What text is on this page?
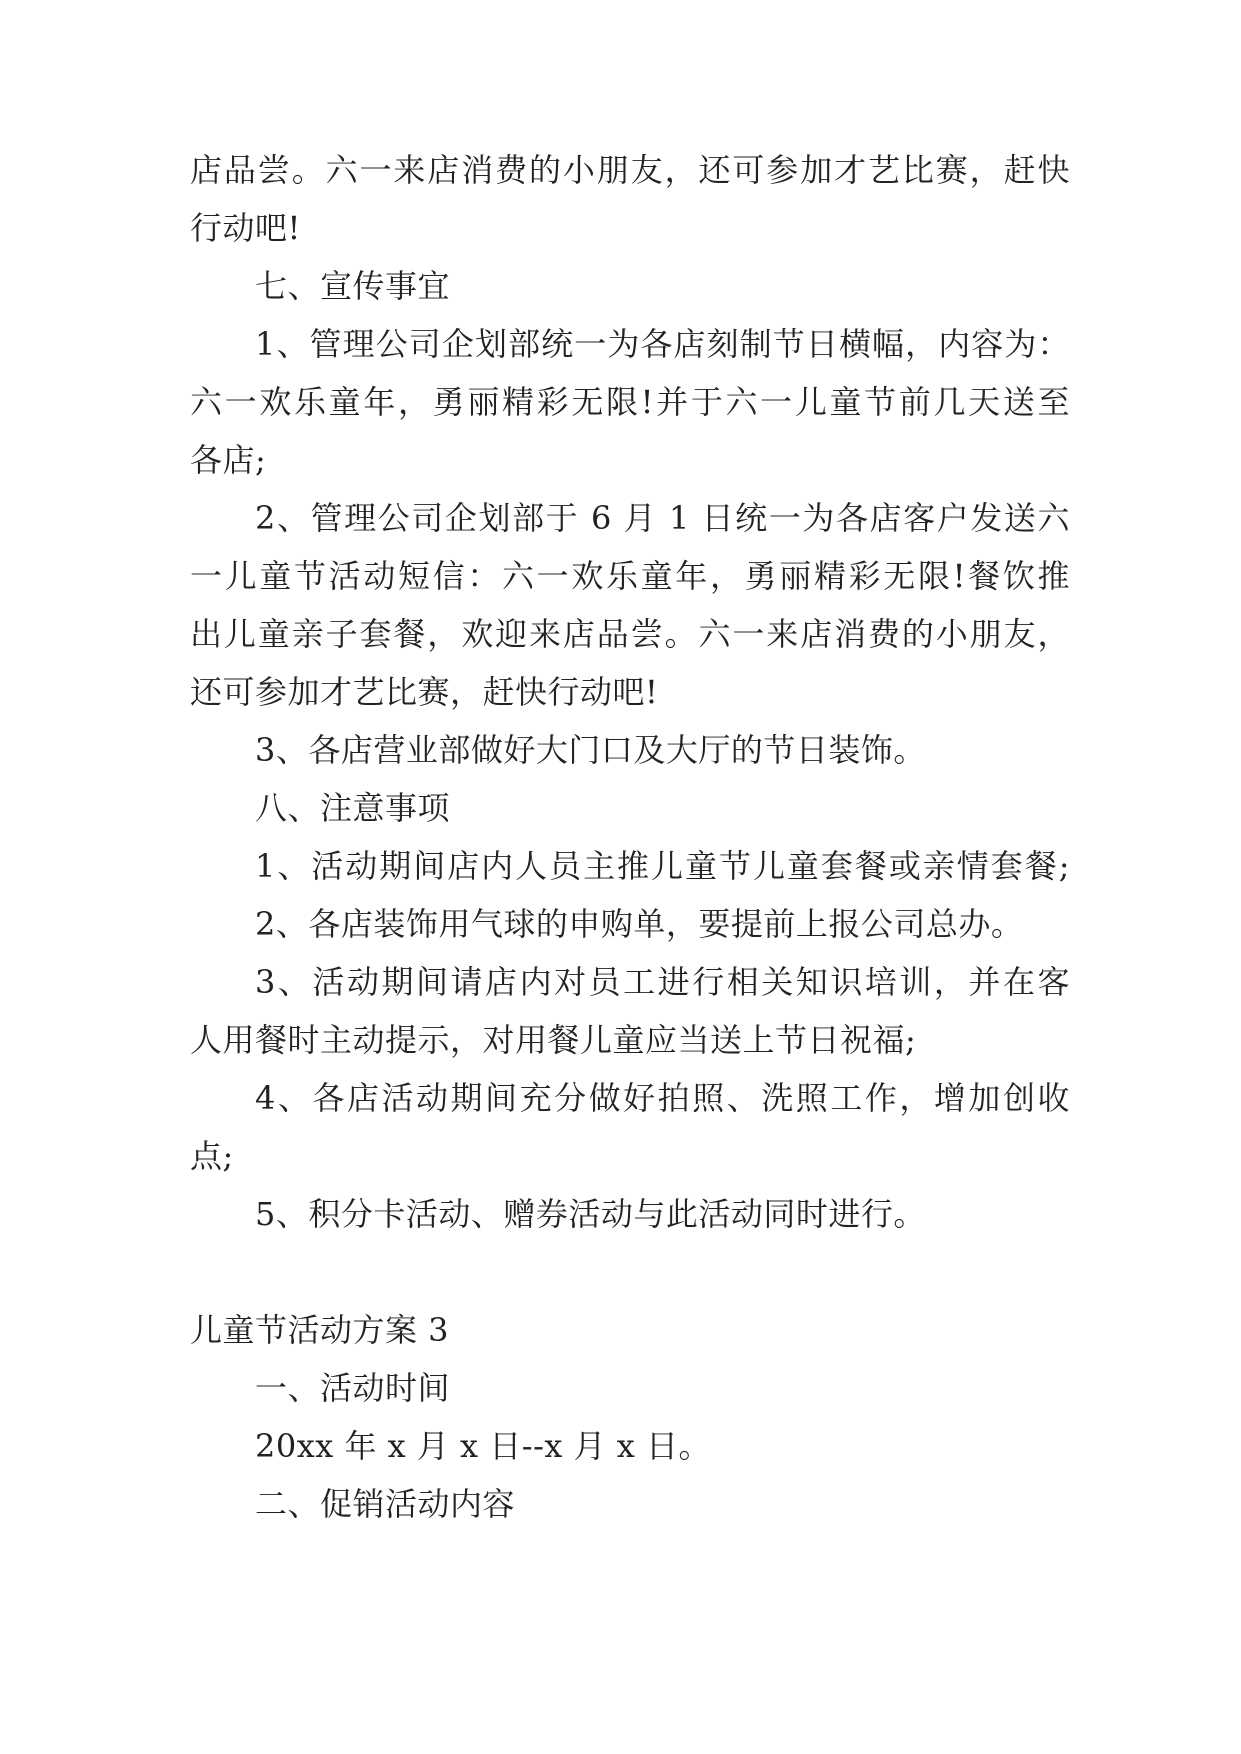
店品尝。六一来店消费的小朋友，还可参加才艺比赛，赶快
行动吧!
七、宣传事宜
1、管理公司企划部统一为各店刻制节日横幅，内容为：
六一欢乐童年，勇丽精彩无限!并于六一儿童节前几天送至
各店;
2、管理公司企划部于 6 月 1 日统一为各店客户发送六
一儿童节活动短信：六一欢乐童年，勇丽精彩无限!餐饮推
出儿童亲子套餐，欢迎来店品尝。六一来店消费的小朋友，
还可参加才艺比赛，赶快行动吧!
3、各店营业部做好大门口及大厅的节日装饰。
八、注意事项
1、活动期间店内人员主推儿童节儿童套餐或亲情套餐;
2、各店装饰用气球的申购单，要提前上报公司总办。
3、活动期间请店内对员工进行相关知识培训，并在客
人用餐时主动提示，对用餐儿童应当送上节日祝福;
4、各店活动期间充分做好拍照、洗照工作，增加创收
点;
5、积分卡活动、赠券活动与此活动同时进行。
儿童节活动方案 3
一、活动时间
20xx 年 x 月 x 日--x 月 x 日。
二、促销活动内容
